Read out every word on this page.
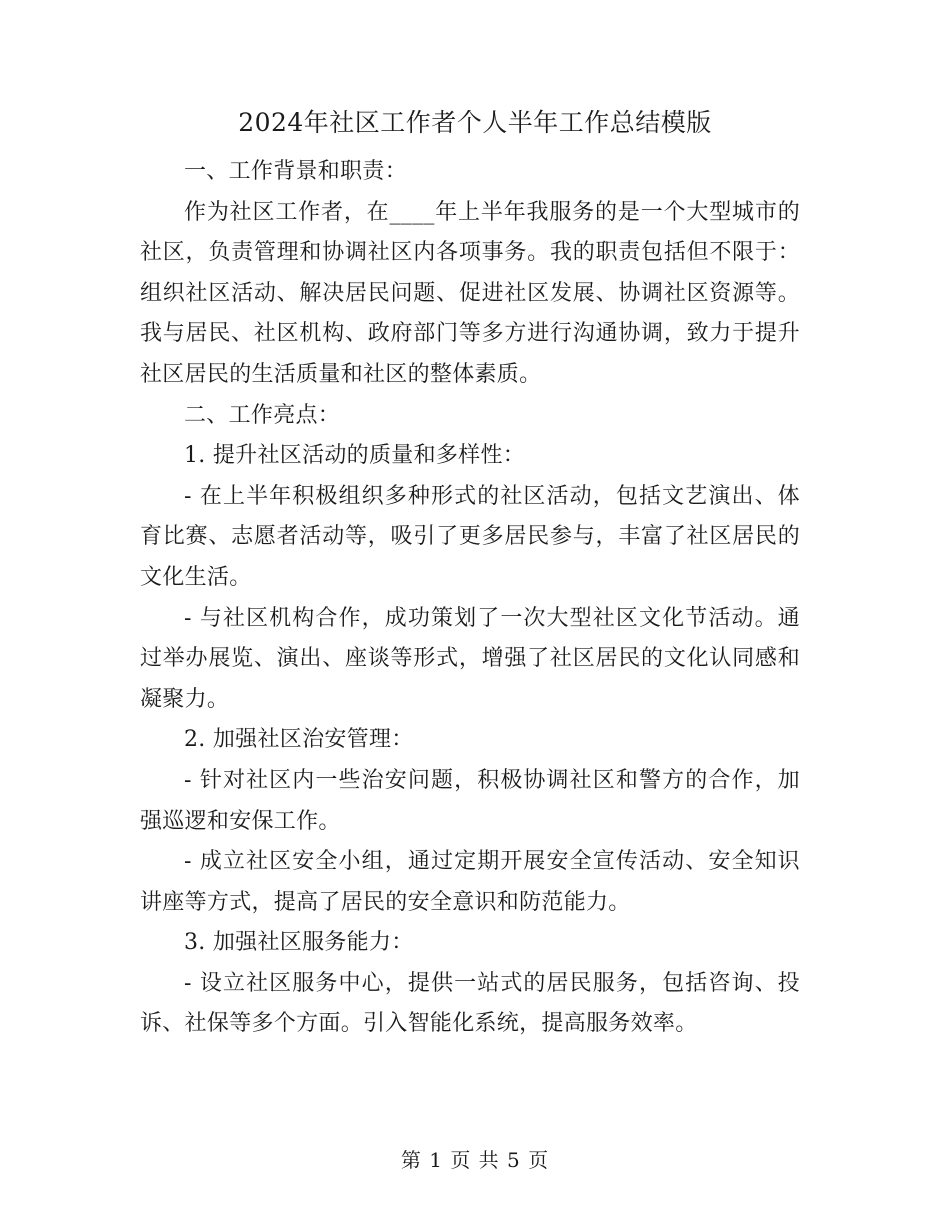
2024年社区工作者个人半年工作总结模版

一、工作背景和职责：

作为社区工作者，在____年上半年我服务的是一个大型城市的社区，负责管理和协调社区内各项事务。我的职责包括但不限于：组织社区活动、解决居民问题、促进社区发展、协调社区资源等。我与居民、社区机构、政府部门等多方进行沟通协调，致力于提升社区居民的生活质量和社区的整体素质。

二、工作亮点：

1. 提升社区活动的质量和多样性：

- 在上半年积极组织多种形式的社区活动，包括文艺演出、体育比赛、志愿者活动等，吸引了更多居民参与，丰富了社区居民的文化生活。

- 与社区机构合作，成功策划了一次大型社区文化节活动。通过举办展览、演出、座谈等形式，增强了社区居民的文化认同感和凝聚力。

2. 加强社区治安管理：

- 针对社区内一些治安问题，积极协调社区和警方的合作，加强巡逻和安保工作。

- 成立社区安全小组，通过定期开展安全宣传活动、安全知识讲座等方式，提高了居民的安全意识和防范能力。

3. 加强社区服务能力：

- 设立社区服务中心，提供一站式的居民服务，包括咨询、投诉、社保等多个方面。引入智能化系统，提高服务效率。

第 1 页 共 5 页
